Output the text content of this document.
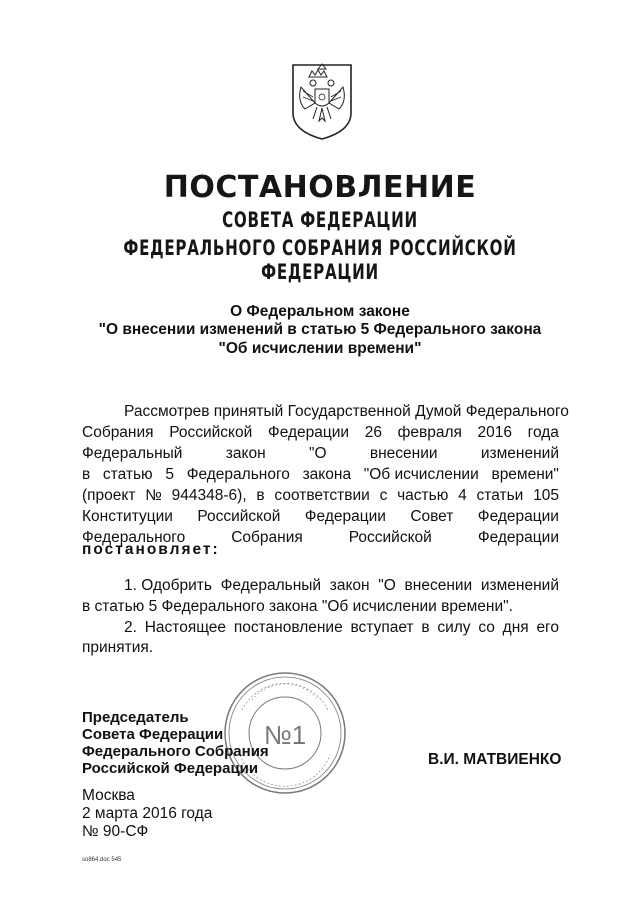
ПОСТАНОВЛЕНИЕ
СОВЕТА ФЕДЕРАЦИИ
ФЕДЕРАЛЬНОГО СОБРАНИЯ РОССИЙСКОЙ ФЕДЕРАЦИИ
О Федеральном законе
"О внесении изменений в статью 5 Федерального закона
"Об исчислении времени"
Рассмотрев принятый Государственной Думой Федерального
Собрания Российской Федерации 26 февраля 2016 года
Федеральный	закон	"О	внесении	изменений
в статью 5 Федерального закона "Об исчислении времени"
(проект № 944348-6), в соответствии с частью 4 статьи 105
Конституции Российской Федерации Совет Федерации
Федерального	Собрания	Российской	Федерации
постановляет:
1. Одобрить Федеральный закон "О внесении изменений
в статью 5 Федерального закона "Об исчислении времени".
2. Настоящее постановление вступает в силу со дня его
принятия.
№1
Председатель
Совета Федерации
Федерального Собрания
Российской Федерации
В.И. МАТВИЕНКО
Москва
2 марта 2016 года
№ 90-СФ
so864.doc 545
